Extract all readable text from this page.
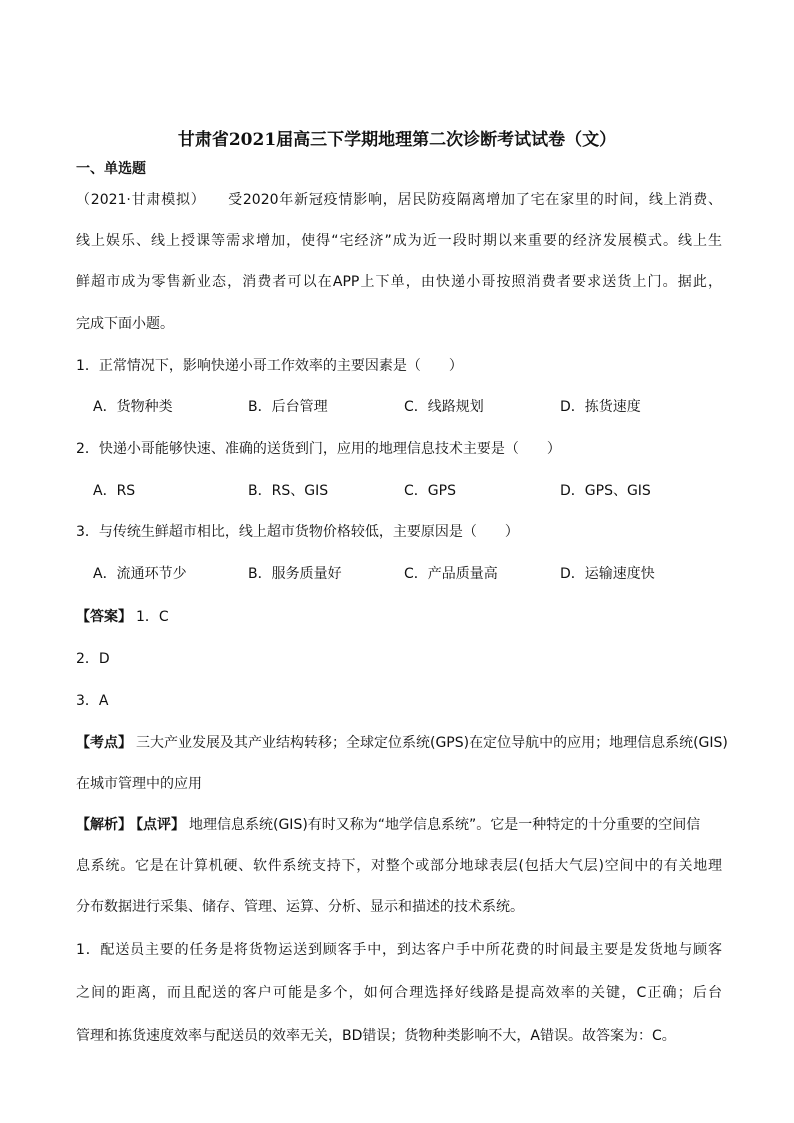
甘肃省2021届高三下学期地理第二次诊断考试试卷（文）
一、单选题
（2021·甘肃模拟）　　受2020年新冠疫情影响，居民防疫隔离增加了宅在家里的时间，线上消费、
线上娱乐、线上授课等需求增加，使得“宅经济”成为近一段时期以来重要的经济发展模式。线上生
鲜超市成为零售新业态，消费者可以在APP上下单，由快递小哥按照消费者要求送货上门。据此，
完成下面小题。
1．正常情况下，影响快递小哥工作效率的主要因素是（　　）
A．货物种类	B．后台管理	C．线路规划	D．拣货速度
2．快递小哥能够快速、准确的送货到门，应用的地理信息技术主要是（　　）
A．RS	B．RS、GIS	C．GPS	D．GPS、GIS
3．与传统生鲜超市相比，线上超市货物价格较低，主要原因是（　　）
A．流通环节少	B．服务质量好	C．产品质量高	D．运输速度快
【答案】 1．C
2．D
3．A
【考点】 三大产业发展及其产业结构转移；全球定位系统(GPS)在定位导航中的应用；地理信息系统(GIS)
在城市管理中的应用
【解析】 【点评】 地理信息系统(GIS)有时又称为“地学信息系统”。它是一种特定的十分重要的空间信
息系统。它是在计算机硬、软件系统支持下，对整个或部分地球表层(包括大气层)空间中的有关地理
分布数据进行采集、储存、管理、运算、分析、显示和描述的技术系统。
1．配送员主要的任务是将货物运送到顾客手中，到达客户手中所花费的时间最主要是发货地与顾客
之间的距离，而且配送的客户可能是多个，如何合理选择好线路是提高效率的关键，C正确；后台
管理和拣货速度效率与配送员的效率无关，BD错误；货物种类影响不大，A错误。故答案为：C。
